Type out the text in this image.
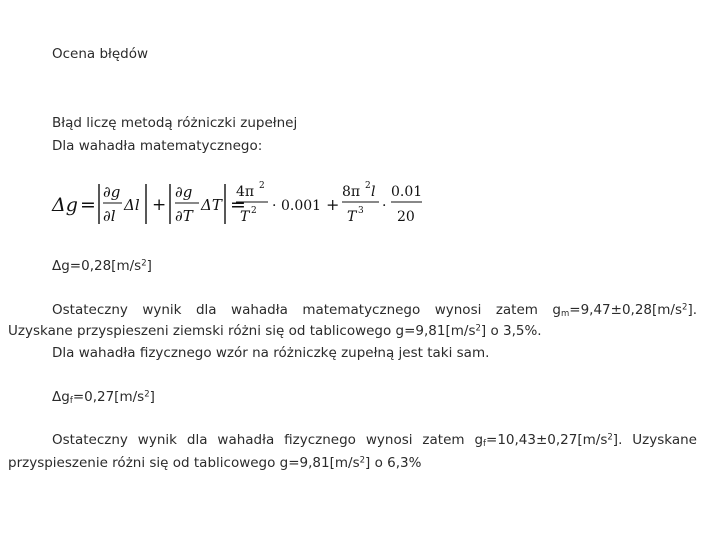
Ocena błędów
Błąd liczę metodą różniczki zupełnej
Dla wahadła matematycznego:
Δg =
∂g
∂l
Δl +
∂g
∂T
ΔT =
4π 2
T 2 · 0.001 +
8π 2 l
T 3 ·
0.01
20
$\Delta g=0,28[m/s^2]$
Ostateczny wynik dla wahadła matematycznego wynosi zatem $g_m=9,47\pm 0,28[m/s^2]$.
Uzyskane przyspieszeni ziemski różni się od tablicowego $g=9,81[m/s^2]$ o 3,5%.
Dla wahadła fizycznego wzór na różniczkę zupełną jest taki sam.
$\Delta g_f=0,27[m/s^2]$
Ostateczny wynik dla wahadła fizycznego wynosi zatem $g_f=10,43\pm 0,27[m/s^2]$. Uzyskane
przyspieszenie różni się od tablicowego $g=9,81[m/s^2]$ o 6,3%
